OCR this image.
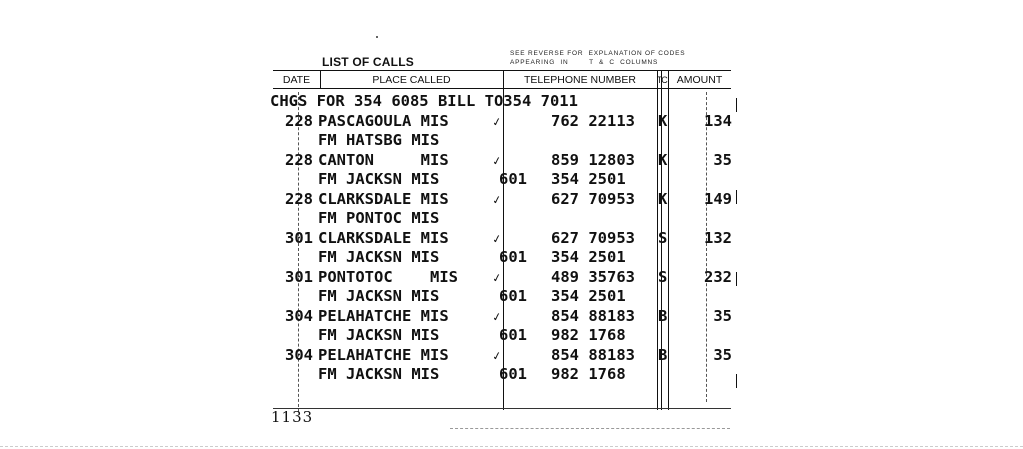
LIST OF CALLS
SEE REVERSE FOR  EXPLANATION OF CODES
APPEARING  IN        T  &  C  COLUMNS
DATE	PLACE CALLED	TELEPHONE NUMBER	T C AMOUNT
CHGS FOR 354 6085 BILL TO354 7011
228 PASCAGOULA MIS	762 22113 K 134
✓
FM HATSBG MIS
228 CANTON     MIS	859 12803 K	35
✓
FM JACKSN MIS	601 354 2501
228 CLARKSDALE MIS	627 70953 K 149
✓
FM PONTOC MIS
301 CLARKSDALE MIS	627 70953 S 132
✓
FM JACKSN MIS	601 354 2501
301 PONTOTOC    MIS	489 35763 S 232
✓
FM JACKSN MIS	601 354 2501
304 PELAHATCHE MIS	854 88183 B	35
✓
FM JACKSN MIS	601 982 1768
304 PELAHATCHE MIS	854 88183 B	35
✓
FM JACKSN MIS	601 982 1768
1133
